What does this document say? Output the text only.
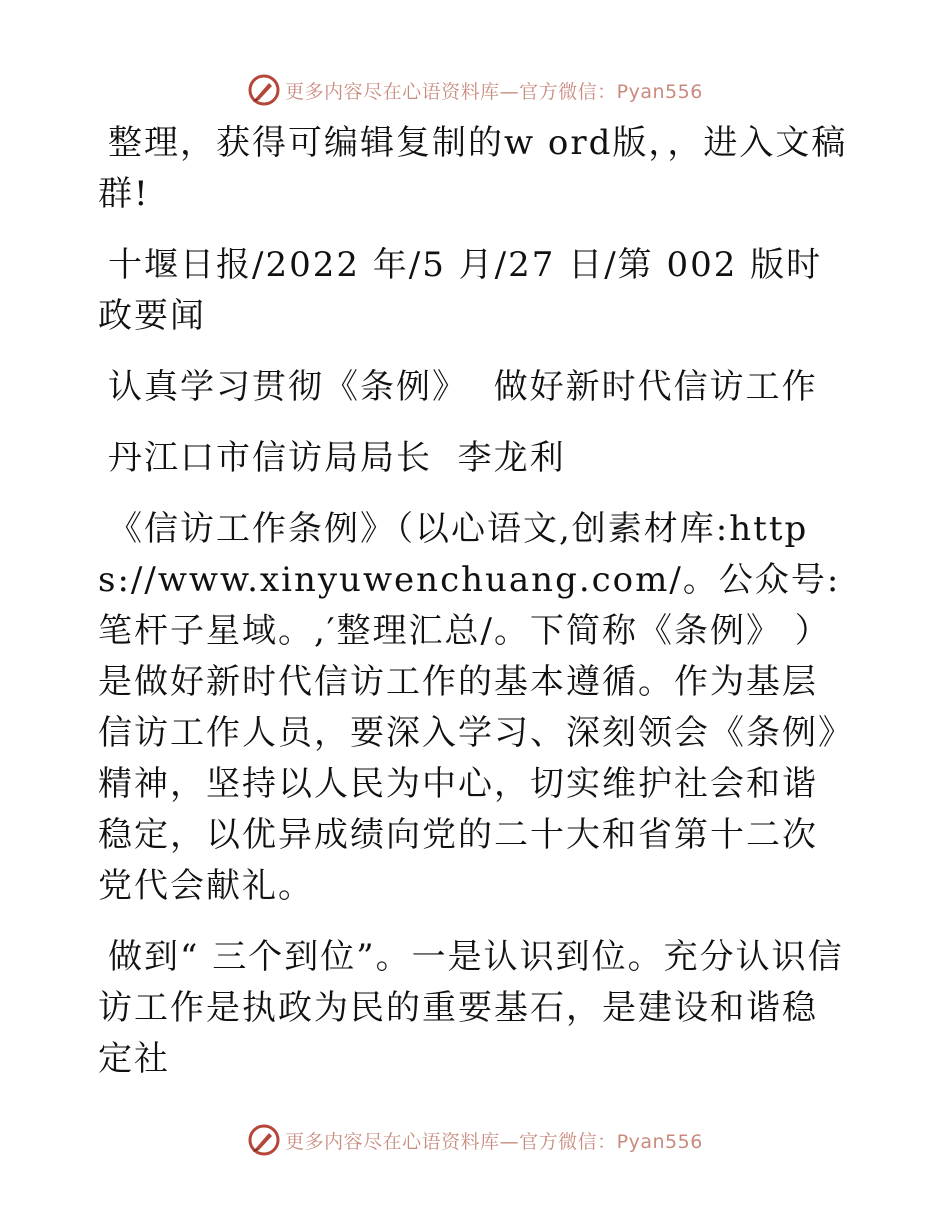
更多内容尽在心语资料库—官方微信：Pyan556

整理，获得可编辑复制的w ord版，，进入文稿群!

十堰日报/2022 年/5 月/27 日/第 002 版时政要闻

认真学习贯彻《条例》  做好新时代信访工作

丹江口市信访局局长  李龙利

《信访工作条例》（以心语文,创素材库:https://www.xinyuwenchuang.com/。公众号: 笔杆子星域。,′整理汇总/。下简称《条例》 ）是做好新时代信访工作的基本遵循。作为基层信访工作人员，要深入学习、深刻领会《条例》精神，坚持以人民为中心，切实维护社会和谐稳定，以优异成绩向党的二十大和省第十二次党代会献礼。

做到“ 三个到位”。一是认识到位。充分认识信访工作是执政为民的重要基石，是建设和谐稳定社

更多内容尽在心语资料库—官方微信：Pyan556
